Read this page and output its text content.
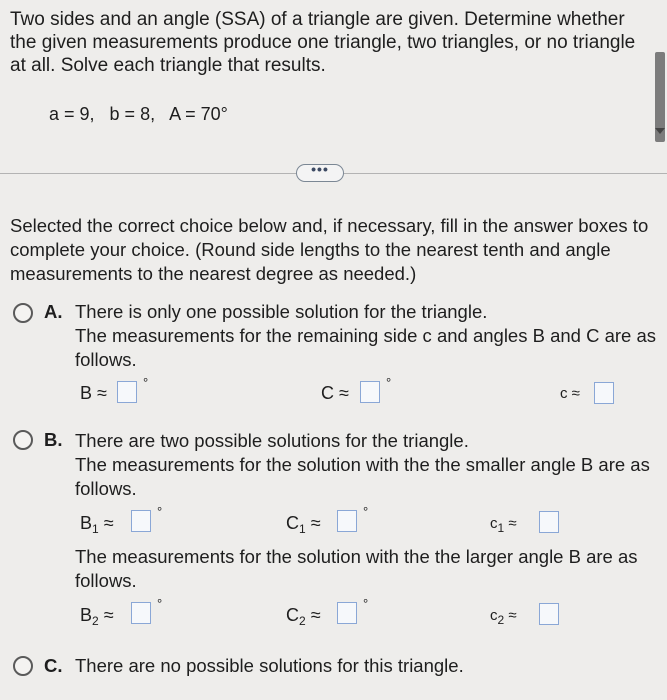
Two sides and an angle (SSA) of a triangle are given. Determine whether the given measurements produce one triangle, two triangles, or no triangle at all. Solve each triangle that results.
a = 9,   b = 8,   A = 70°
•••
Selected the correct choice below and, if necessary, fill in the answer boxes to complete your choice. (Round side lengths to the nearest tenth and angle measurements to the nearest degree as needed.)
A. There is only one possible solution for the triangle.
The measurements for the remaining side c and angles B and C are as follows.
B ≈
°
C ≈
°
c ≈
B. There are two possible solutions for the triangle.
The measurements for the solution with the the smaller angle B are as follows.
$B_1$ ≈
°
$C_1$ ≈
°
$c_1$ ≈
The measurements for the solution with the the larger angle B are as follows.
$B_2$ ≈
°
$C_2$ ≈
°
$c_2$ ≈
C. There are no possible solutions for this triangle.
